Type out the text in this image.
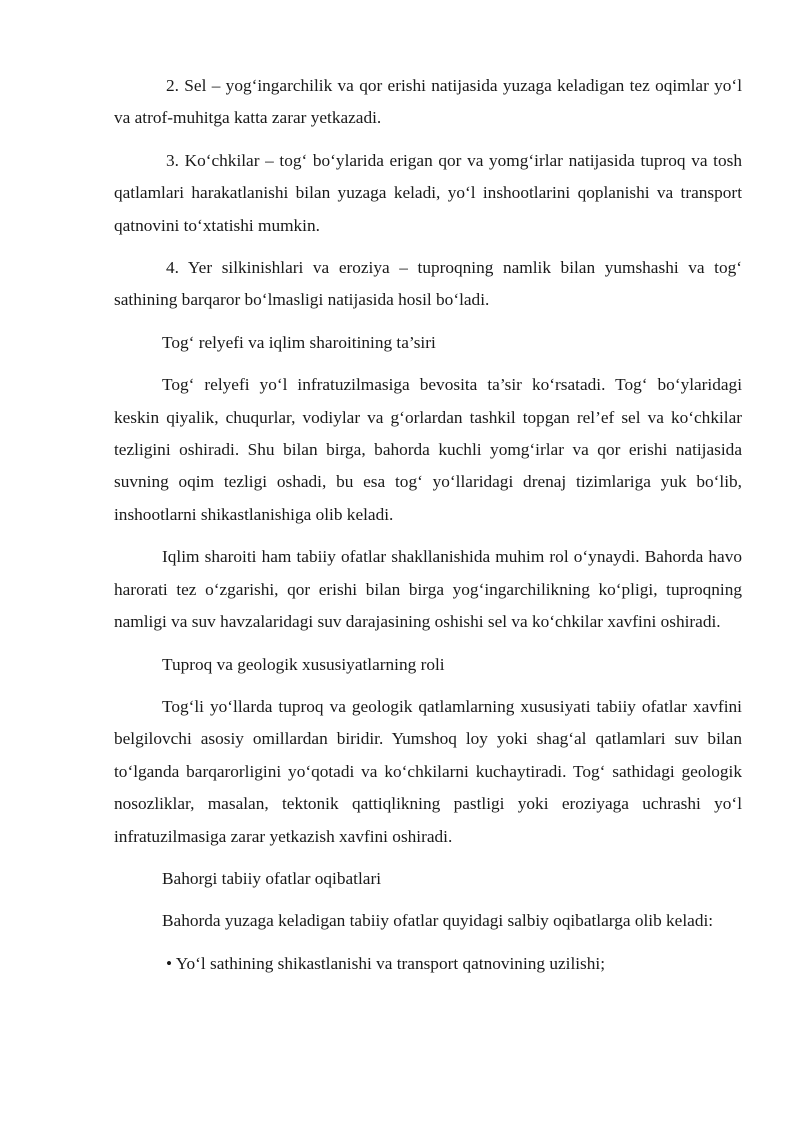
2. Sel – yog‘ingarchilik va qor erishi natijasida yuzaga keladigan tez oqimlar yo‘l va atrof-muhitga katta zarar yetkazadi.

3. Ko‘chkilar – tog‘ bo‘ylarida erigan qor va yomg‘irlar natijasida tuproq va tosh qatlamlari harakatlanishi bilan yuzaga keladi, yo‘l inshootlarini qoplanishi va transport qatnovini to‘xtatishi mumkin.

4. Yer silkinishlari va eroziya – tuproqning namlik bilan yumshashi va tog‘ sathining barqaror bo‘lmasligi natijasida hosil bo‘ladi.

Tog‘ relyefi va iqlim sharoitining ta’siri

Tog‘ relyefi yo‘l infratuzilmasiga bevosita ta’sir ko‘rsatadi. Tog‘ bo‘ylaridagi keskin qiyalik, chuqurlar, vodiylar va g‘orlardan tashkil topgan rel’ef sel va ko‘chkilar tezligini oshiradi. Shu bilan birga, bahorda kuchli yomg‘irlar va qor erishi natijasida suvning oqim tezligi oshadi, bu esa tog‘ yo‘llaridagi drenaj tizimlariga yuk bo‘lib, inshootlarni shikastlanishiga olib keladi.

Iqlim sharoiti ham tabiiy ofatlar shakllanishida muhim rol o‘ynaydi. Bahorda havo harorati tez o‘zgarishi, qor erishi bilan birga yog‘ingarchilikning ko‘pligi, tuproqning namligi va suv havzalaridagi suv darajasining oshishi sel va ko‘chkilar xavfini oshiradi.

Tuproq va geologik xususiyatlarning roli

Tog‘li yo‘llarda tuproq va geologik qatlamlarning xususiyati tabiiy ofatlar xavfini belgilovchi asosiy omillardan biridir. Yumshoq loy yoki shag‘al qatlamlari suv bilan to‘lganda barqarorligini yo‘qotadi va ko‘chkilarni kuchaytiradi. Tog‘ sathidagi geologik nosozliklar, masalan, tektonik qattiqlikning pastligi yoki eroziyaga uchrashi yo‘l infratuzilmasiga zarar yetkazish xavfini oshiradi.

Bahorgi tabiiy ofatlar oqibatlari

Bahorda yuzaga keladigan tabiiy ofatlar quyidagi salbiy oqibatlarga olib keladi:

• Yo‘l sathining shikastlanishi va transport qatnovining uzilishi;
